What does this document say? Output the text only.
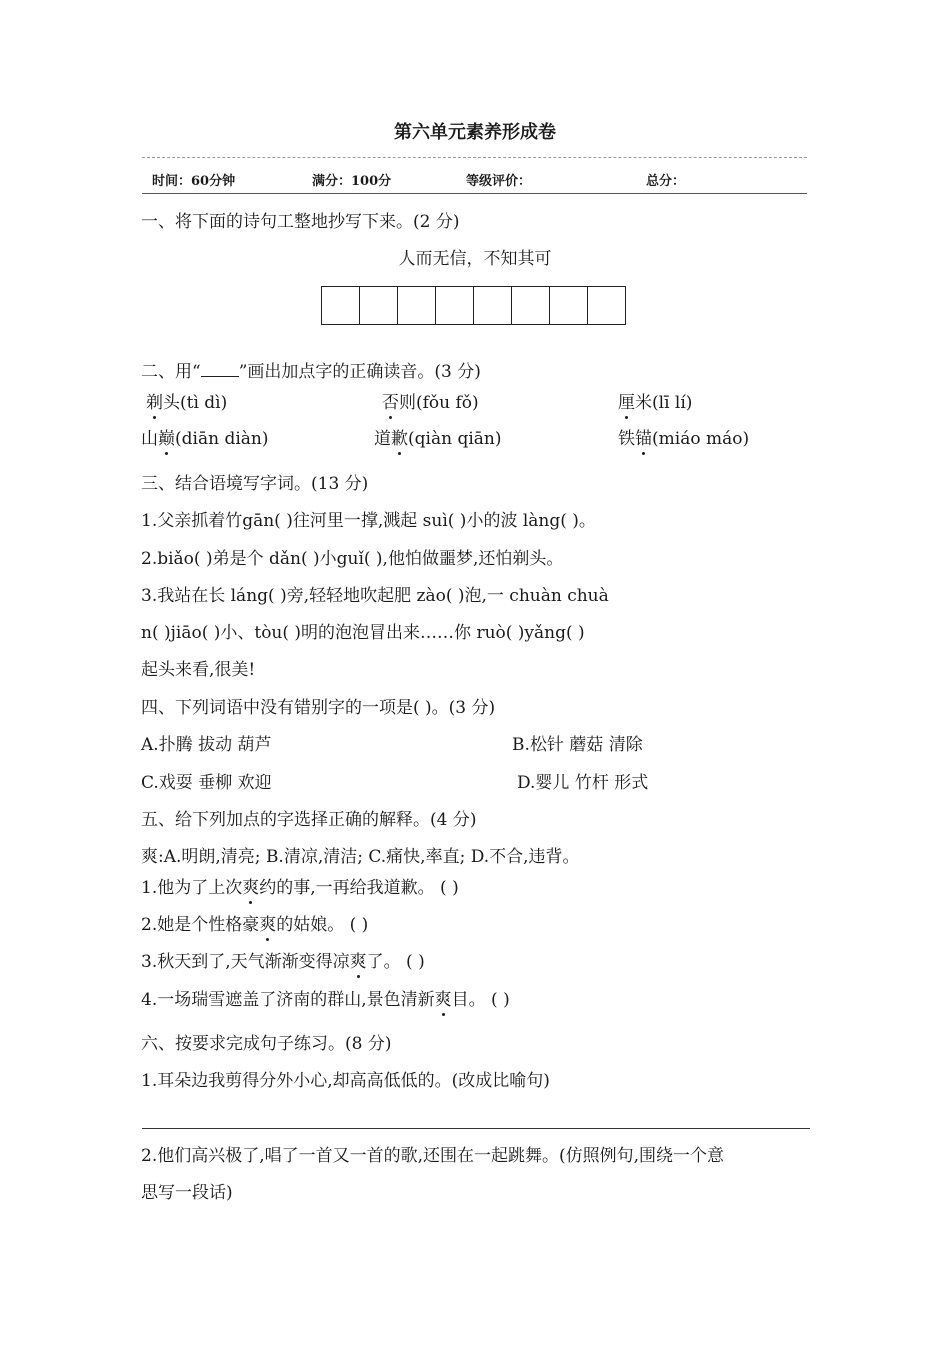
第六单元素养形成卷
时间：60分钟	满分：100分	等级评价：	总分：
一、将下面的诗句工整地抄写下来。(2 分)
人而无信，不知其可
二、用“ ”画出加点字的正确读音。(3 分)
剃头(tì dì)	否则(fǒu fǒ)	厘米(lī lí)
山巅(diān diàn)	道歉(qiàn qiān)	铁锚(miáo máo)
三、结合语境写字词。(13 分)
1.父亲抓着竹gān( )往河里一撑,溅起 suì( )小的波 làng( )。
2.biǎo( )弟是个 dǎn( )小guǐ( ),他怕做噩梦,还怕剃头。
3.我站在长 láng( )旁,轻轻地吹起肥 zào( )泡,一 chuàn chuà
n( )jiāo( )小、tòu( )明的泡泡冒出来……你 ruò( )yǎng( )
起头来看,很美!
四、下列词语中没有错别字的一项是( )。(3 分)
A.扑腾 拔动 葫芦	B.松针 蘑菇 清除
C.戏耍 垂柳 欢迎	D.婴儿 竹杆 形式
五、给下列加点的字选择正确的解释。(4 分)
爽:A.明朗,清亮; B.清凉,清洁; C.痛快,率直; D.不合,违背。
1.他为了上次爽约的事,一再给我道歉。 ( )
2.她是个性格豪爽的姑娘。 ( )
3.秋天到了,天气渐渐变得凉爽了。 ( )
4.一场瑞雪遮盖了济南的群山,景色清新爽目。 ( )
六、按要求完成句子练习。(8 分)
1.耳朵边我剪得分外小心,却高高低低的。(改成比喻句)
2.他们高兴极了,唱了一首又一首的歌,还围在一起跳舞。(仿照例句,围绕一个意
思写一段话)
